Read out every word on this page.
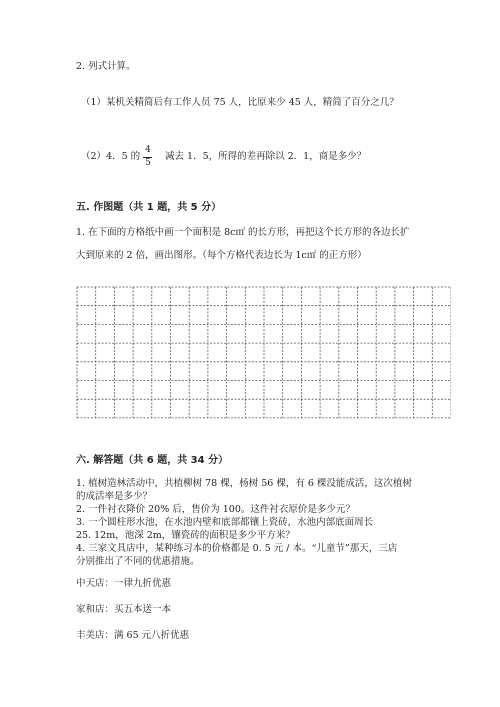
2. 列式计算。
（1）某机关精简后有工作人员 75 人，比原来少 45 人，精简了百分之几？
（2）4．5 的
4
5
减去 1．5，所得的差再除以 2．1，商是多少？
五. 作图题（共 1 题，共 5 分）
1. 在下面的方格纸中画一个面积是 8c㎡ 的长方形，再把这个长方形的各边长扩
大到原来的 2 倍，画出图形。（每个方格代表边长为 1c㎡ 的正方形）
六. 解答题（共 6 题，共 34 分）
1. 植树造林活动中，共植柳树 78 棵，杨树 56 棵，有 6 棵没能成活，这次植树
的成活率是多少？
2. 一件衬衣降价 20% 后，售价为 100。这件衬衣原价是多少元？
3. 一个圆柱形水池，在水池内壁和底部都镶上瓷砖，水池内部底面周长
25. 12m，池深 2m，镶瓷砖的面积是多少平方米？
4. 三家文具店中，某种练习本的价格都是 0. 5 元 / 本。“儿童节”那天，三店
分别推出了不同的优惠措施。
中天店：一律九折优惠
家和店：买五本送一本
丰美店：满 65 元八折优惠
